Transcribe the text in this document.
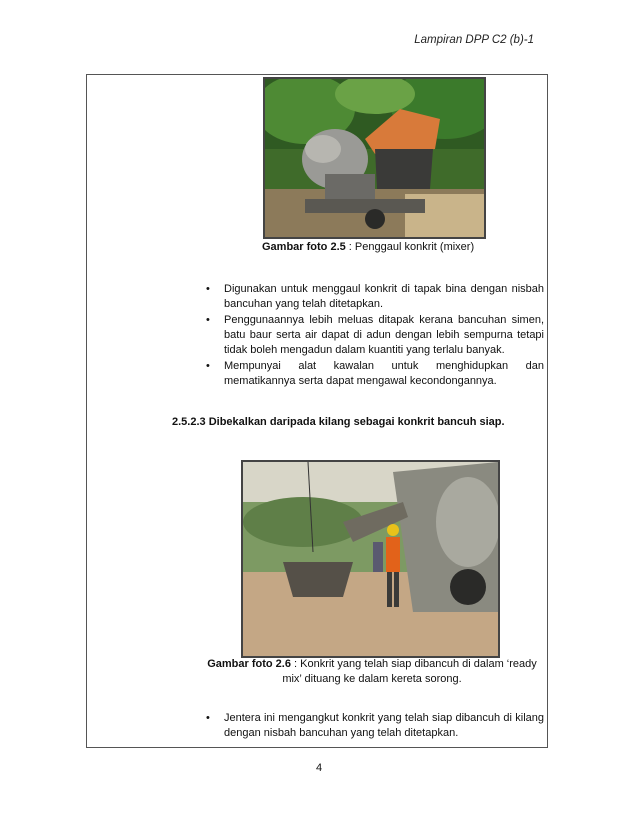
Lampiran DPP C2 (b)-1
Gambar foto 2.5 : Penggaul konkrit (mixer)
• Digunakan untuk menggaul konkrit di tapak bina dengan nisbah bancuhan yang telah ditetapkan.
• Penggunaannya lebih meluas ditapak kerana bancuhan simen, batu baur serta air dapat di adun dengan lebih sempurna tetapi tidak boleh mengadun dalam kuantiti yang terlalu banyak.
• Mempunyai alat kawalan untuk menghidupkan dan mematikannya serta dapat mengawal kecondongannya.
2.5.2.3 Dibekalkan daripada kilang sebagai konkrit bancuh siap.
Gambar foto 2.6 : Konkrit yang telah siap dibancuh di dalam ‘ready mix’ dituang ke dalam kereta sorong.
• Jentera ini mengangkut konkrit yang telah siap dibancuh di kilang dengan nisbah bancuhan yang telah ditetapkan.
4
